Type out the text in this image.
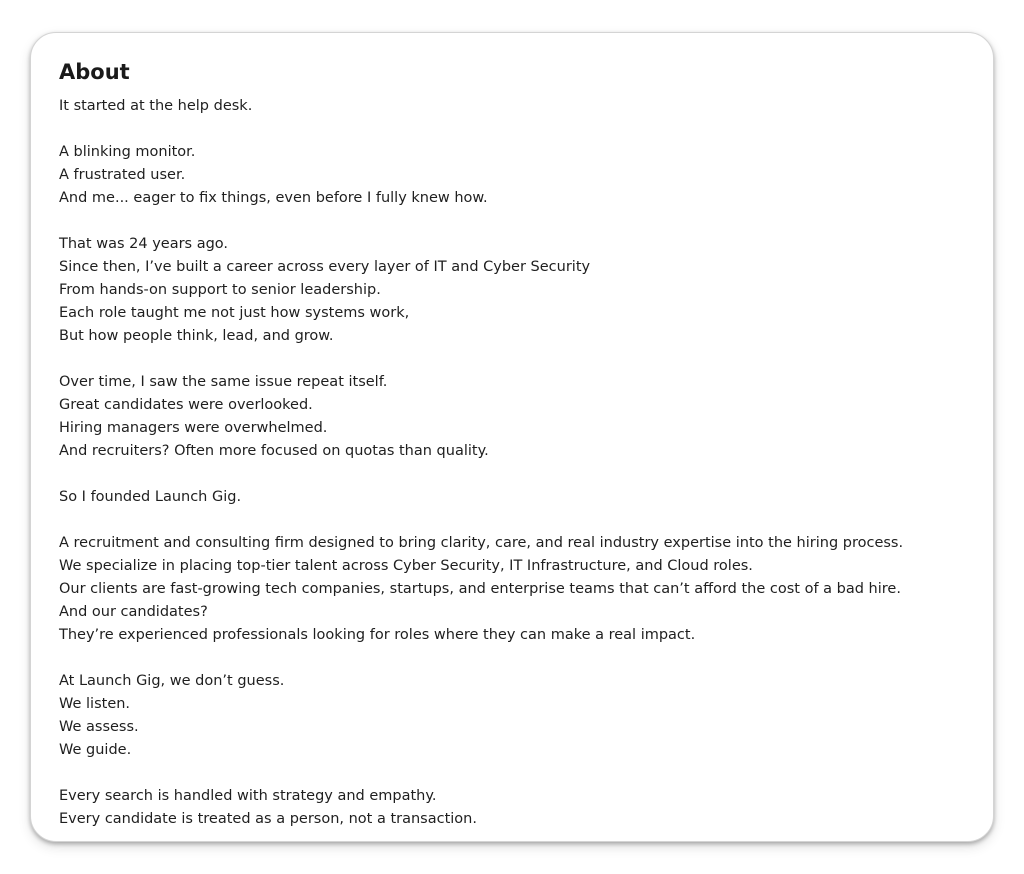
About
It started at the help desk.
A blinking monitor.
A frustrated user.
And me... eager to fix things, even before I fully knew how.
That was 24 years ago.
Since then, I’ve built a career across every layer of IT and Cyber Security
From hands-on support to senior leadership.
Each role taught me not just how systems work,
But how people think, lead, and grow.
Over time, I saw the same issue repeat itself.
Great candidates were overlooked.
Hiring managers were overwhelmed.
And recruiters? Often more focused on quotas than quality.
So I founded Launch Gig.
A recruitment and consulting firm designed to bring clarity, care, and real industry expertise into the hiring process.
We specialize in placing top-tier talent across Cyber Security, IT Infrastructure, and Cloud roles.
Our clients are fast-growing tech companies, startups, and enterprise teams that can’t afford the cost of a bad hire.
And our candidates?
They’re experienced professionals looking for roles where they can make a real impact.
At Launch Gig, we don’t guess.
We listen.
We assess.
We guide.
Every search is handled with strategy and empathy.
Every candidate is treated as a person, not a transaction.
